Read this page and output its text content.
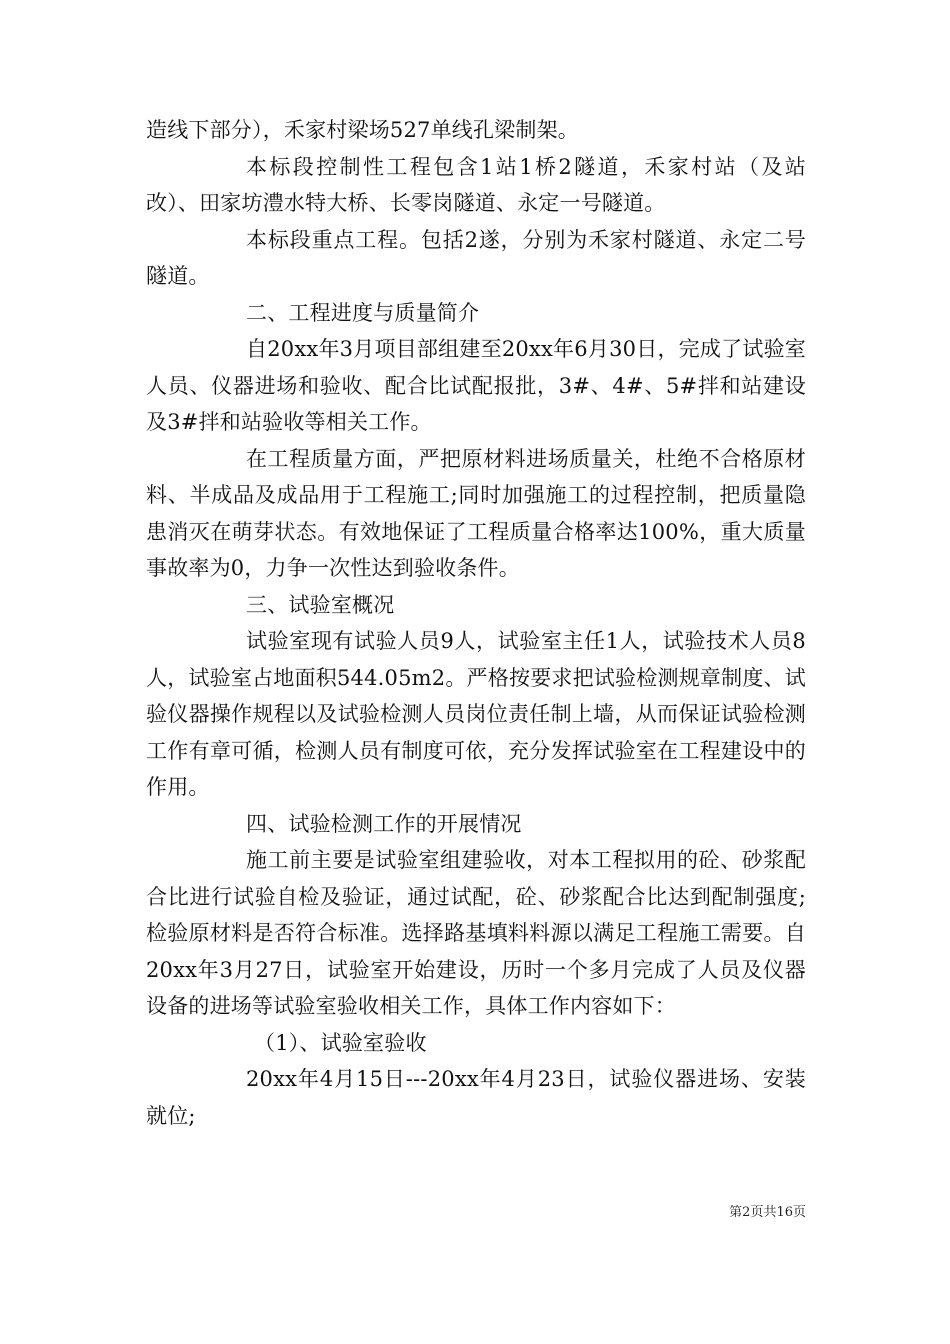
造线下部分），禾家村梁场527单线孔梁制架。

本标段控制性工程包含1站1桥2隧道，禾家村站（及站改）、田家坊澧水特大桥、长零岗隧道、永定一号隧道。

本标段重点工程。包括2遂，分别为禾家村隧道、永定二号隧道。

二、工程进度与质量简介

自20xx年3月项目部组建至20xx年6月30日，完成了试验室人员、仪器进场和验收、配合比试配报批，3#、4#、5#拌和站建设及3#拌和站验收等相关工作。

在工程质量方面，严把原材料进场质量关，杜绝不合格原材料、半成品及成品用于工程施工;同时加强施工的过程控制，把质量隐患消灭在萌芽状态。有效地保证了工程质量合格率达100%，重大质量事故率为0，力争一次性达到验收条件。

三、试验室概况

试验室现有试验人员9人，试验室主任1人，试验技术人员8人，试验室占地面积544.05m2。严格按要求把试验检测规章制度、试验仪器操作规程以及试验检测人员岗位责任制上墙，从而保证试验检测工作有章可循，检测人员有制度可依，充分发挥试验室在工程建设中的作用。

四、试验检测工作的开展情况

施工前主要是试验室组建验收，对本工程拟用的砼、砂浆配合比进行试验自检及验证，通过试配，砼、砂浆配合比达到配制强度;检验原材料是否符合标准。选择路基填料料源以满足工程施工需要。自20xx年3月27日，试验室开始建设，历时一个多月完成了人员及仪器设备的进场等试验室验收相关工作，具体工作内容如下：

（1）、试验室验收

20xx年4月15日---20xx年4月23日，试验仪器进场、安装就位;

第2页共16页
